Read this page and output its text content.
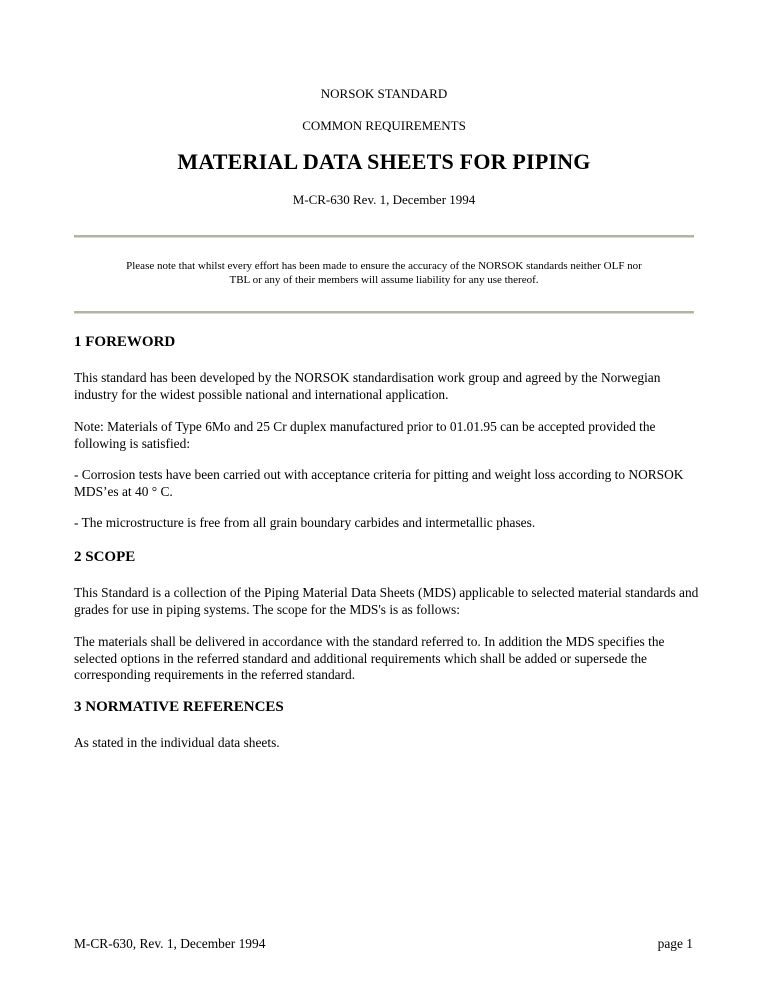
NORSOK STANDARD
COMMON REQUIREMENTS
MATERIAL DATA SHEETS FOR PIPING
M-CR-630 Rev. 1, December 1994
Please note that whilst every effort has been made to ensure the accuracy of the NORSOK standards neither OLF nor
TBL or any of their members will assume liability for any use thereof.
1 FOREWORD
This standard has been developed by the NORSOK standardisation work group and agreed by the Norwegian industry for the widest possible national and international application.
Note: Materials of Type 6Mo and 25 Cr duplex manufactured prior to 01.01.95 can be accepted provided the following is satisfied:
- Corrosion tests have been carried out with acceptance criteria for pitting and weight loss according to NORSOK MDS’es at 40 ° C.
- The microstructure is free from all grain boundary carbides and intermetallic phases.
2 SCOPE
This Standard is a collection of the Piping Material Data Sheets (MDS) applicable to selected material standards and grades for use in piping systems. The scope for the MDS's is as follows:
The materials shall be delivered in accordance with the standard referred to. In addition the MDS specifies the selected options in the referred standard and additional requirements which shall be added or supersede the corresponding requirements in the referred standard.
3 NORMATIVE REFERENCES
As stated in the individual data sheets.
M-CR-630, Rev. 1, December 1994	page 1
